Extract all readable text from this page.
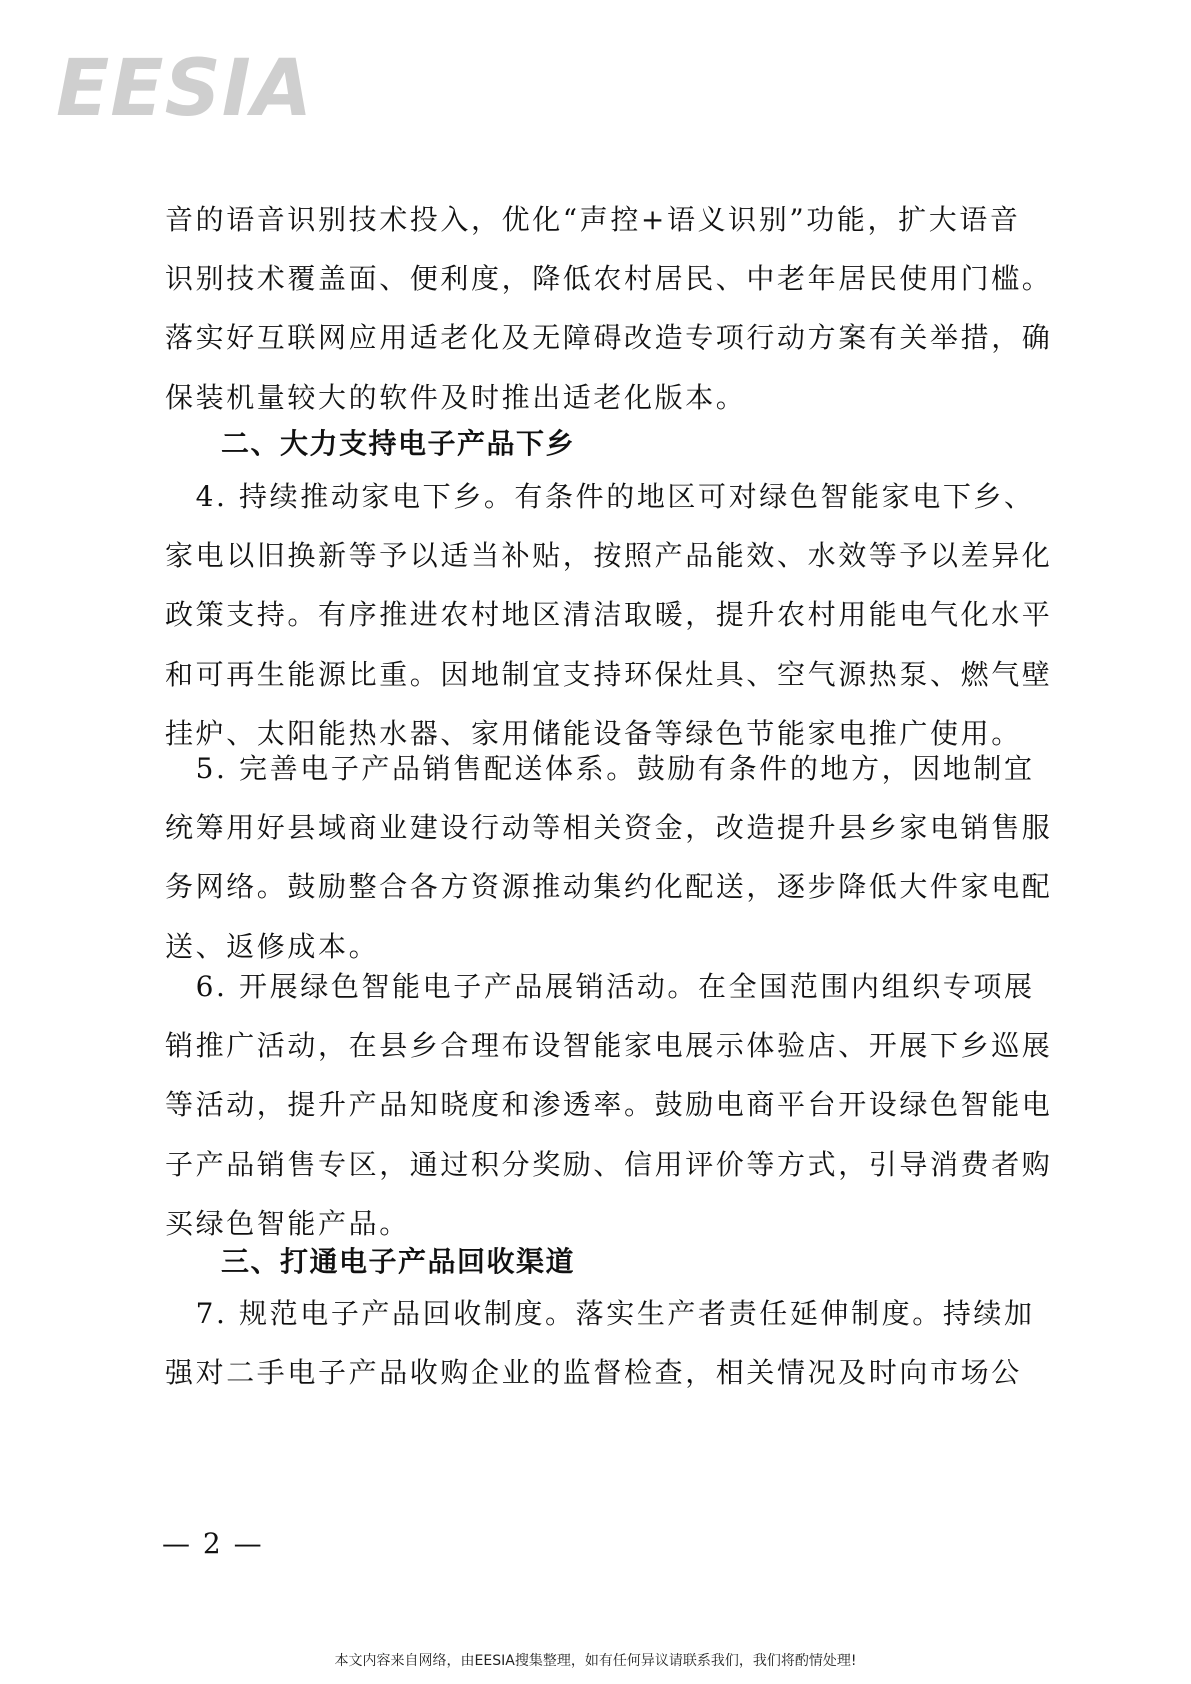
EESIA
音的语音识别技术投入，优化“声控+语义识别”功能，扩大语音
识别技术覆盖面、便利度，降低农村居民、中老年居民使用门槛。
落实好互联网应用适老化及无障碍改造专项行动方案有关举措，确
保装机量较大的软件及时推出适老化版本。
二、大力支持电子产品下乡
　4. 持续推动家电下乡。有条件的地区可对绿色智能家电下乡、
家电以旧换新等予以适当补贴，按照产品能效、水效等予以差异化
政策支持。有序推进农村地区清洁取暖，提升农村用能电气化水平
和可再生能源比重。因地制宜支持环保灶具、空气源热泵、燃气壁
挂炉、太阳能热水器、家用储能设备等绿色节能家电推广使用。
　5. 完善电子产品销售配送体系。鼓励有条件的地方，因地制宜
统筹用好县域商业建设行动等相关资金，改造提升县乡家电销售服
务网络。鼓励整合各方资源推动集约化配送，逐步降低大件家电配
送、返修成本。
　6. 开展绿色智能电子产品展销活动。在全国范围内组织专项展
销推广活动，在县乡合理布设智能家电展示体验店、开展下乡巡展
等活动，提升产品知晓度和渗透率。鼓励电商平台开设绿色智能电
子产品销售专区，通过积分奖励、信用评价等方式，引导消费者购
买绿色智能产品。
三、打通电子产品回收渠道
　7. 规范电子产品回收制度。落实生产者责任延伸制度。持续加
强对二手电子产品收购企业的监督检查，相关情况及时向市场公
— 2 —
本文内容来自网络，由EESIA搜集整理，如有任何异议请联系我们，我们将酌情处理!
